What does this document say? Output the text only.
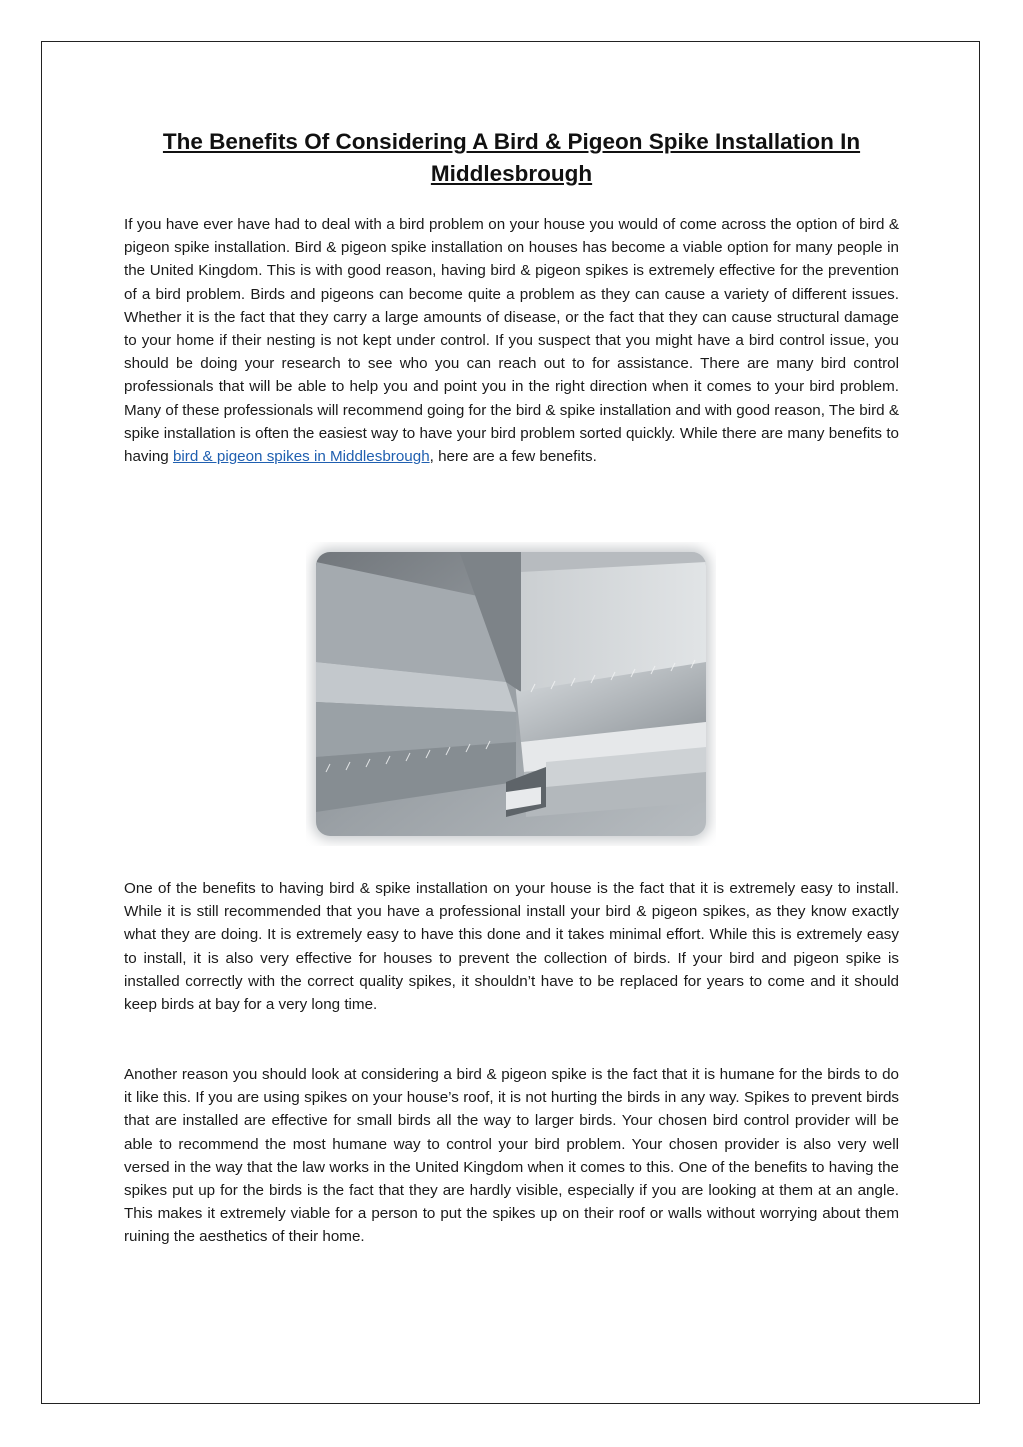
The Benefits Of Considering A Bird & Pigeon Spike Installation In Middlesbrough

If you have ever have had to deal with a bird problem on your house you would of come across the option of bird & pigeon spike installation. Bird & pigeon spike installation on houses has become a viable option for many people in the United Kingdom. This is with good reason, having bird & pigeon spikes is extremely effective for the prevention of a bird problem. Birds and pigeons can become quite a problem as they can cause a variety of different issues. Whether it is the fact that they carry a large amounts of disease, or the fact that they can cause structural damage to your home if their nesting is not kept under control. If you suspect that you might have a bird control issue, you should be doing your research to see who you can reach out to for assistance. There are many bird control professionals that will be able to help you and point you in the right direction when it comes to your bird problem. Many of these professionals will recommend going for the bird & spike installation and with good reason, The bird & spike installation is often the easiest way to have your bird problem sorted quickly. While there are many benefits to having bird & pigeon spikes in Middlesbrough, here are a few benefits.

One of the benefits to having bird & spike installation on your house is the fact that it is extremely easy to install. While it is still recommended that you have a professional install your bird & pigeon spikes, as they know exactly what they are doing. It is extremely easy to have this done and it takes minimal effort. While this is extremely easy to install, it is also very effective for houses to prevent the collection of birds. If your bird and pigeon spike is installed correctly with the correct quality spikes, it shouldn’t have to be replaced for years to come and it should keep birds at bay for a very long time.

Another reason you should look at considering a bird & pigeon spike is the fact that it is humane for the birds to do it like this. If you are using spikes on your house’s roof, it is not hurting the birds in any way. Spikes to prevent birds that are installed are effective for small birds all the way to larger birds. Your chosen bird control provider will be able to recommend the most humane way to control your bird problem. Your chosen provider is also very well versed in the way that the law works in the United Kingdom when it comes to this. One of the benefits to having the spikes put up for the birds is the fact that they are hardly visible, especially if you are looking at them at an angle. This makes it extremely viable for a person to put the spikes up on their roof or walls without worrying about them ruining the aesthetics of their home.
